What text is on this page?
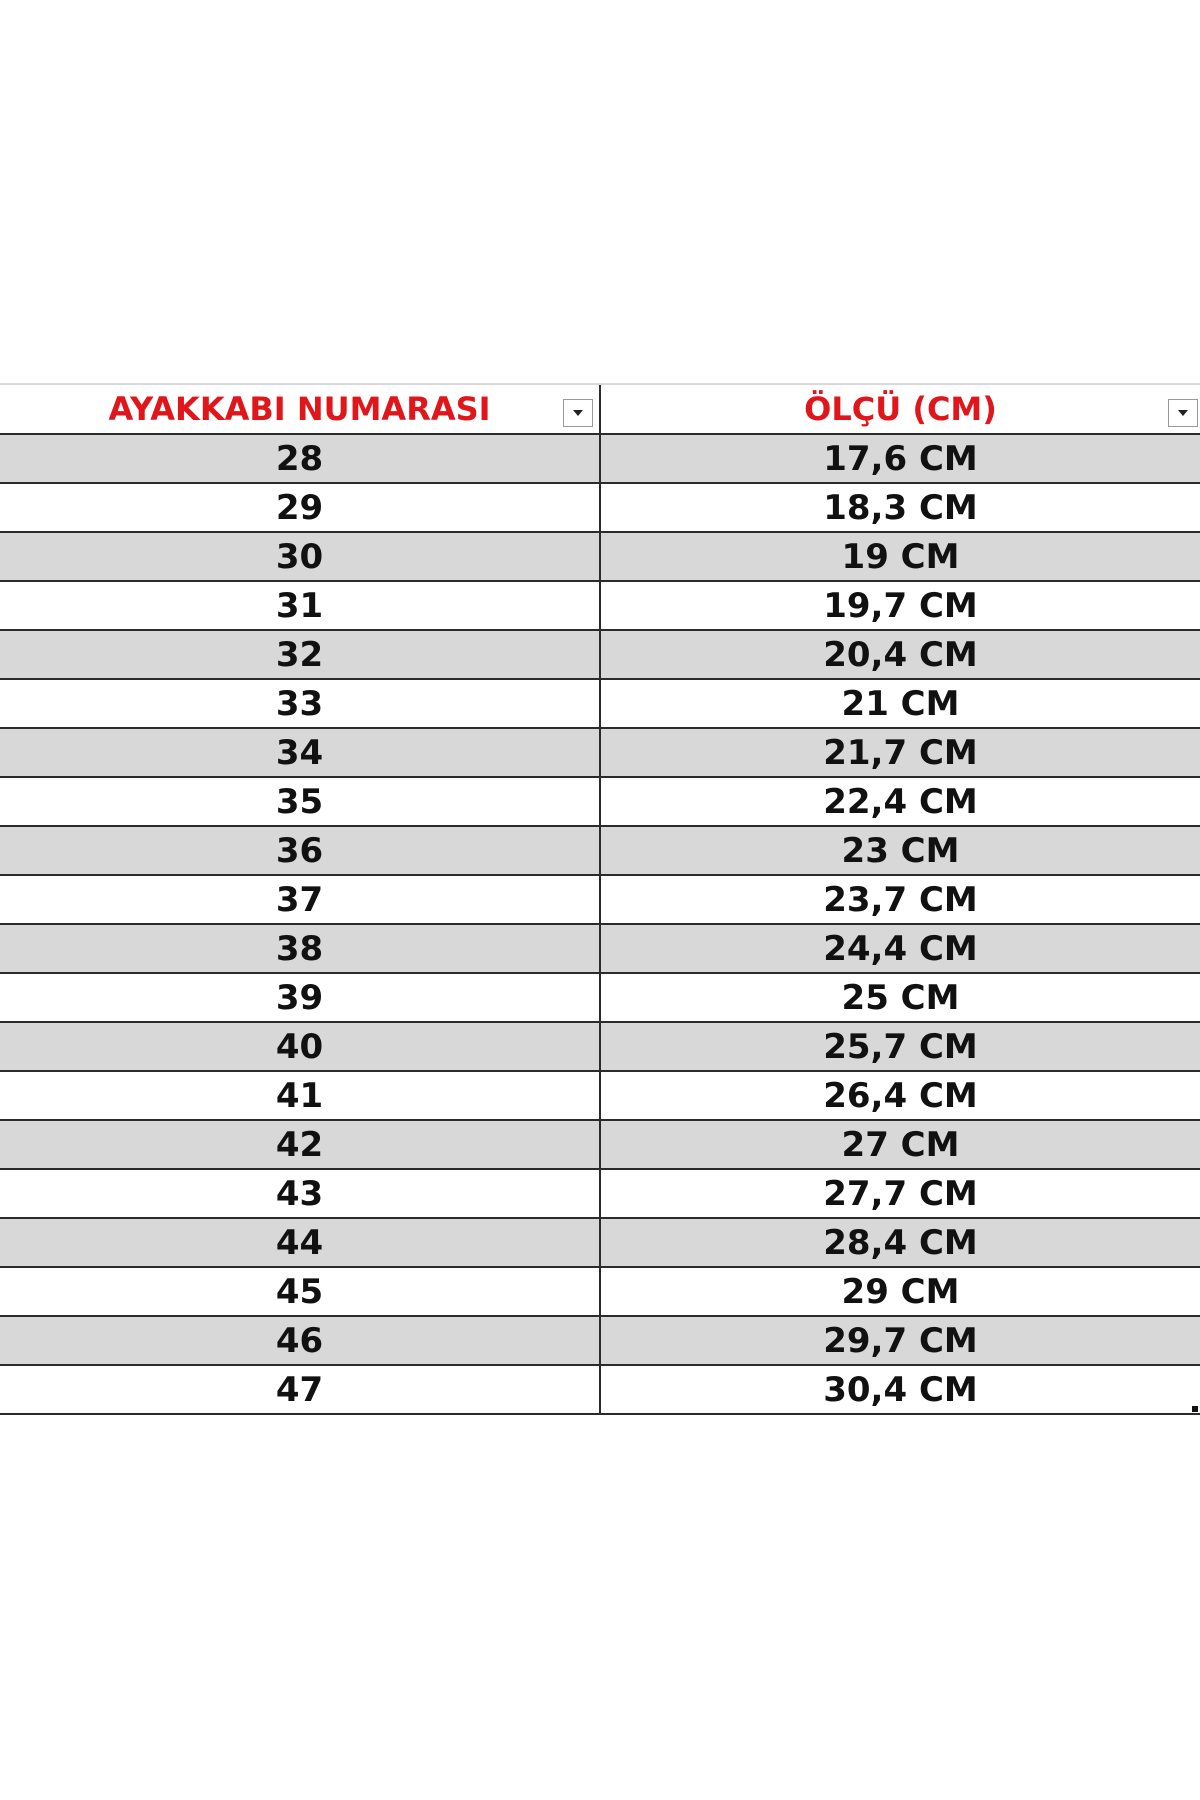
AYAKKABI NUMARASI	ÖLÇÜ (CM)
28	17,6 CM
29	18,3 CM
30	19 CM
31	19,7 CM
32	20,4 CM
33	21 CM
34	21,7 CM
35	22,4 CM
36	23 CM
37	23,7 CM
38	24,4 CM
39	25 CM
40	25,7 CM
41	26,4 CM
42	27 CM
43	27,7 CM
44	28,4 CM
45	29 CM
46	29,7 CM
47	30,4 CM
